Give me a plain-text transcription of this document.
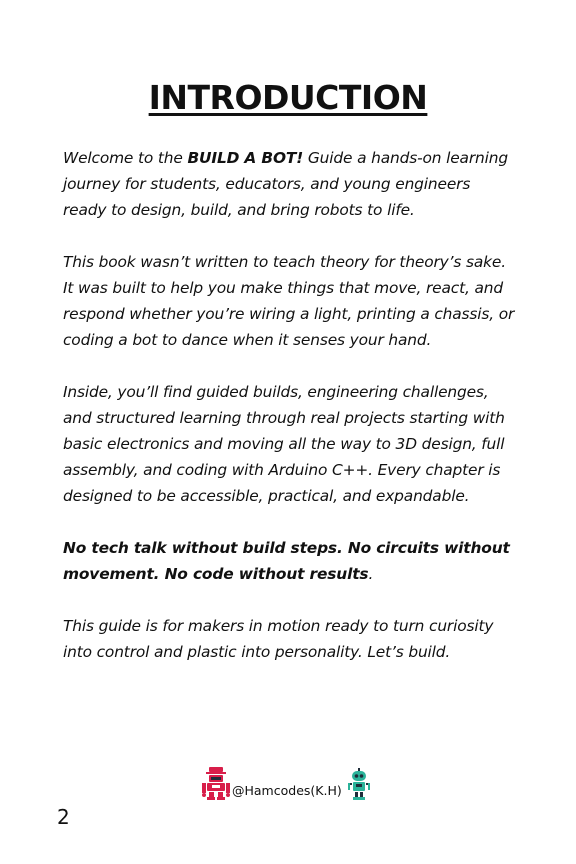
INTRODUCTION

Welcome to the BUILD A BOT! Guide a hands-on learning journey for students, educators, and young engineers ready to design, build, and bring robots to life.

This book wasn’t written to teach theory for theory’s sake. It was built to help you make things that move, react, and respond whether you’re wiring a light, printing a chassis, or coding a bot to dance when it senses your hand.

Inside, you’ll find guided builds, engineering challenges, and structured learning through real projects starting with basic electronics and moving all the way to 3D design, full assembly, and coding with Arduino C++. Every chapter is designed to be accessible, practical, and expandable.

No tech talk without build steps. No circuits without movement. No code without results.

This guide is for makers in motion ready to turn curiosity into control and plastic into personality. Let’s build.

@Hamcodes(K.H)
2
